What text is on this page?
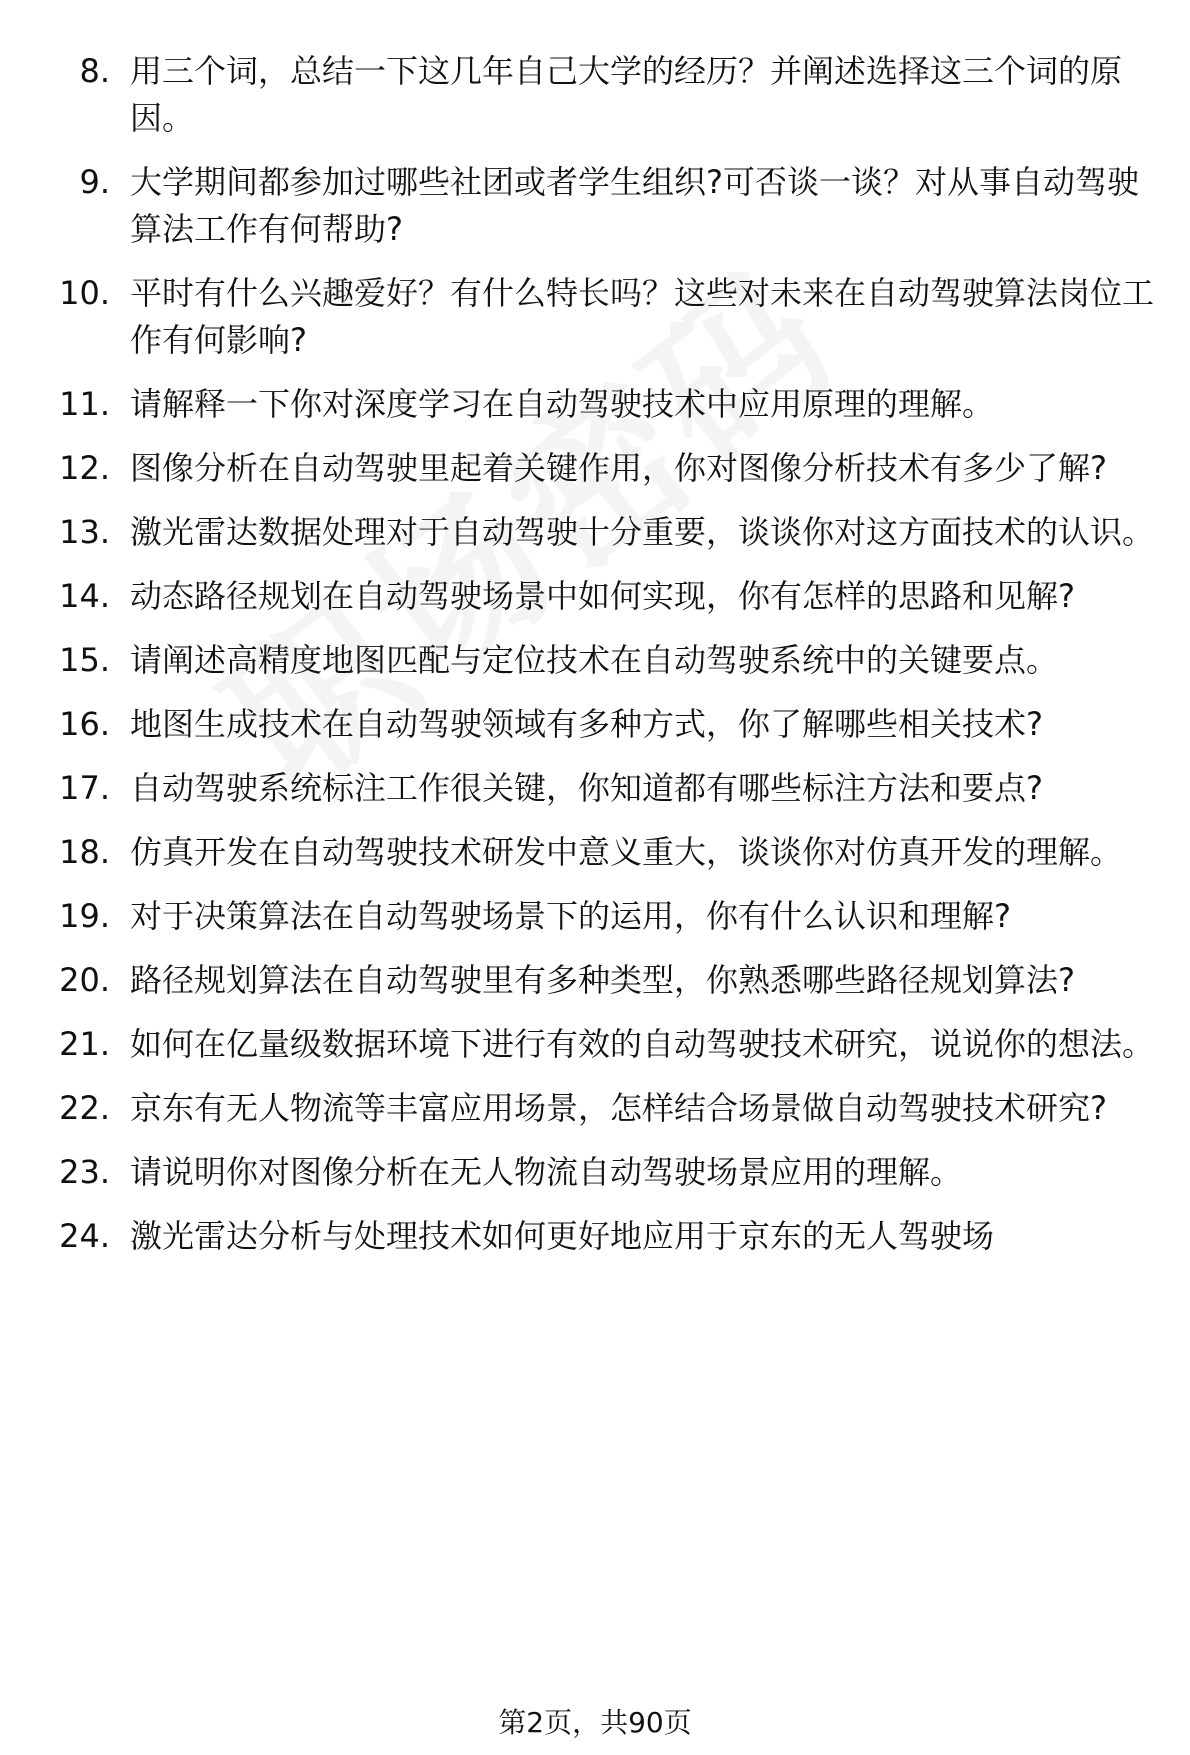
8. 用三个词，总结一下这几年自己大学的经历？并阐述选择这三个词的原因。
9. 大学期间都参加过哪些社团或者学生组织?可否谈一谈？对从事自动驾驶算法工作有何帮助?
10. 平时有什么兴趣爱好？有什么特长吗？这些对未来在自动驾驶算法岗位工作有何影响?
11. 请解释一下你对深度学习在自动驾驶技术中应用原理的理解。
12. 图像分析在自动驾驶里起着关键作用，你对图像分析技术有多少了解?
13. 激光雷达数据处理对于自动驾驶十分重要，谈谈你对这方面技术的认识。
14. 动态路径规划在自动驾驶场景中如何实现，你有怎样的思路和见解?
15. 请阐述高精度地图匹配与定位技术在自动驾驶系统中的关键要点。
16. 地图生成技术在自动驾驶领域有多种方式，你了解哪些相关技术?
17. 自动驾驶系统标注工作很关键，你知道都有哪些标注方法和要点?
18. 仿真开发在自动驾驶技术研发中意义重大，谈谈你对仿真开发的理解。
19. 对于决策算法在自动驾驶场景下的运用，你有什么认识和理解?
20. 路径规划算法在自动驾驶里有多种类型，你熟悉哪些路径规划算法?
21. 如何在亿量级数据环境下进行有效的自动驾驶技术研究，说说你的想法。
22. 京东有无人物流等丰富应用场景，怎样结合场景做自动驾驶技术研究?
23. 请说明你对图像分析在无人物流自动驾驶场景应用的理解。
24. 激光雷达分析与处理技术如何更好地应用于京东的无人驾驶场
第2页，共90页
